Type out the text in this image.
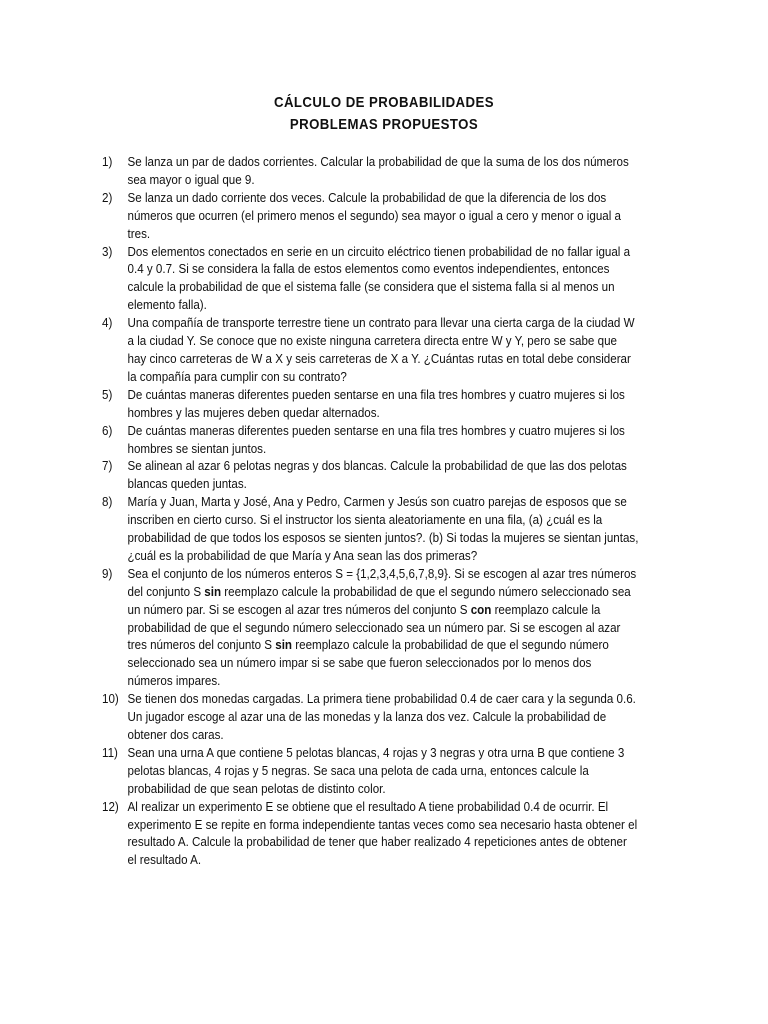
CÁLCULO DE PROBABILIDADES
PROBLEMAS PROPUESTOS
1) Se lanza un par de dados corrientes. Calcular la probabilidad de que la suma de los dos números sea mayor o igual que 9.
2) Se lanza un dado corriente dos veces. Calcule la probabilidad de que la diferencia de los dos números que ocurren (el primero menos el segundo) sea mayor o igual a cero y menor o igual a tres.
3) Dos elementos conectados en serie en un circuito eléctrico tienen probabilidad de no fallar igual a 0.4 y 0.7. Si se considera la falla de estos elementos como eventos independientes, entonces calcule la probabilidad de que el sistema falle (se considera que el sistema falla si al menos un elemento falla).
4) Una compañía de transporte terrestre tiene un contrato para llevar una cierta carga de la ciudad W a la ciudad Y. Se conoce que no existe ninguna carretera directa entre W y Y, pero se sabe que hay cinco carreteras de W a X y seis carreteras de X a Y. ¿Cuántas rutas en total debe considerar la compañía para cumplir con su contrato?
5) De cuántas maneras diferentes pueden sentarse en una fila tres hombres y cuatro mujeres si los hombres y las mujeres deben quedar alternados.
6) De cuántas maneras diferentes pueden sentarse en una fila tres hombres y cuatro mujeres si los hombres se sientan juntos.
7) Se alinean al azar 6 pelotas negras y dos blancas. Calcule la probabilidad de que las dos pelotas blancas queden juntas.
8) María y Juan, Marta y José, Ana y Pedro, Carmen y Jesús son cuatro parejas de esposos que se inscriben en cierto curso. Si el instructor los sienta aleatoriamente en una fila, (a) ¿cuál es la probabilidad de que todos los esposos se sienten juntos?. (b) Si todas la mujeres se sientan juntas, ¿cuál es la probabilidad de que María y Ana sean las dos primeras?
9) Sea el conjunto de los números enteros S = {1,2,3,4,5,6,7,8,9}. Si se escogen al azar tres números del conjunto S sin reemplazo calcule la probabilidad de que el segundo número seleccionado sea un número par. Si se escogen al azar tres números del conjunto S con reemplazo calcule la probabilidad de que el segundo número seleccionado sea un número par. Si se escogen al azar tres números del conjunto S sin reemplazo calcule la probabilidad de que el segundo número seleccionado sea un número impar si se sabe que fueron seleccionados por lo menos dos números impares.
10) Se tienen dos monedas cargadas. La primera tiene probabilidad 0.4 de caer cara y la segunda 0.6. Un jugador escoge al azar una de las monedas y la lanza dos vez. Calcule la probabilidad de obtener dos caras.
11) Sean una urna A que contiene 5 pelotas blancas, 4 rojas y 3 negras y otra urna B que contiene 3 pelotas blancas, 4 rojas y 5 negras. Se saca una pelota de cada urna, entonces calcule la probabilidad de que sean pelotas de distinto color.
12) Al realizar un experimento E se obtiene que el resultado A tiene probabilidad 0.4 de ocurrir. El experimento E se repite en forma independiente tantas veces como sea necesario hasta obtener el resultado A. Calcule la probabilidad de tener que haber realizado 4 repeticiones antes de obtener el resultado A.
